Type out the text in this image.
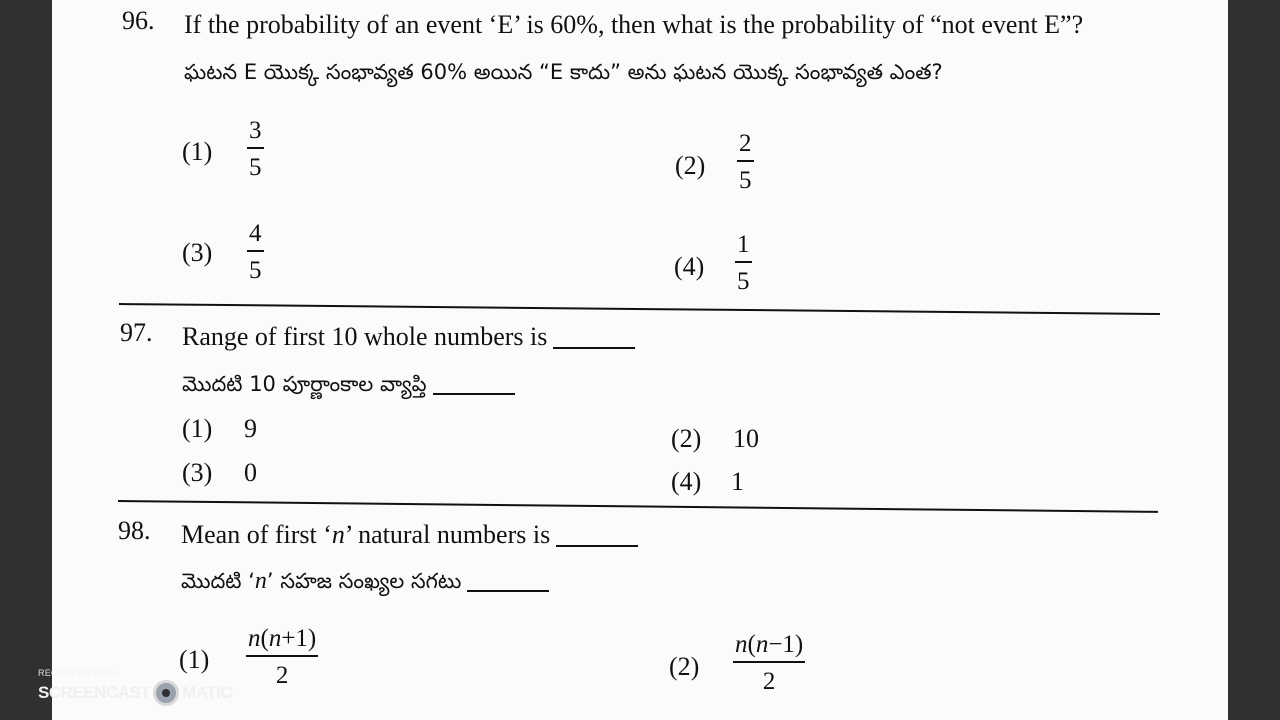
96. If the probability of an event ‘E’ is 60%, then what is the probability of “not event E”?
ఘటన E యొక్క సంభావ్యత 60% అయిన “E కాదు” అను ఘటన యొక్క సంభావ్యత ఎంత?
(1)
3
5	(2)
2
5
(3)
4
5	(4)
1
5
97. Range of first 10 whole numbers is
మొదటి 10 పూర్ణాంకాల వ్యాప్తి
(1) 9	(2) 10
(3) 0	(4) 1
98. Mean of first ‘n’ natural numbers is
మొదటి ‘n’ సహజ సంఖ్యల సగటు
(1)
n(n+1)
2	(2)
n(n−1)
2
RECORDED WITH
SCREENCAST MATIC
